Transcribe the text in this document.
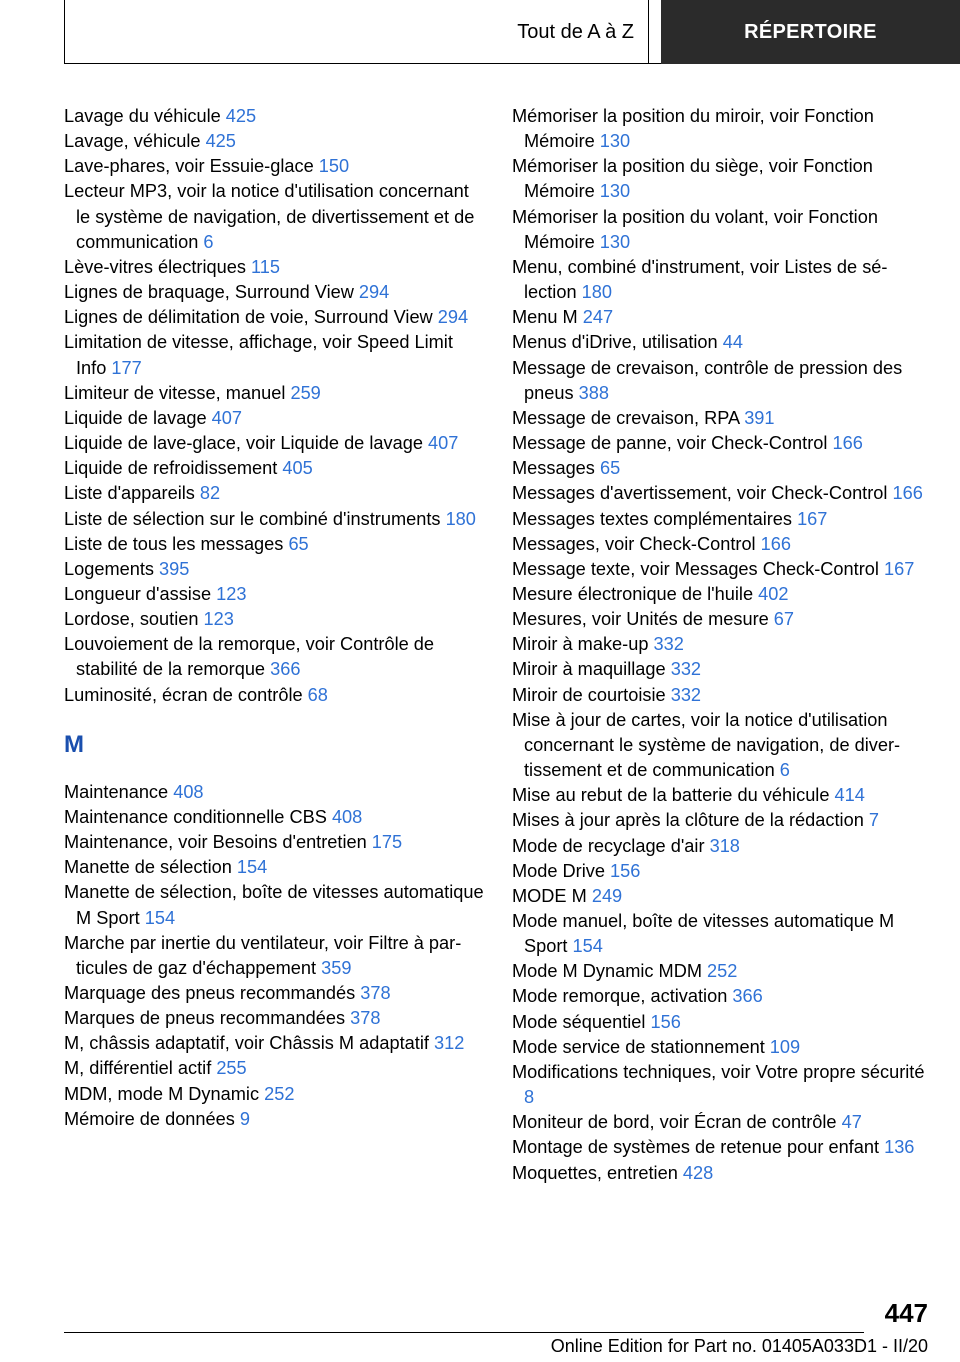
Tout de A à Z	RÉPERTOIRE
Lavage du véhicule 425
Lavage, véhicule 425
Lave-phares, voir Essuie-glace 150
Lecteur MP3, voir la notice d'utilisation concernant le système de navigation, de divertissement et de communication 6
Lève-vitres électriques 115
Lignes de braquage, Surround View 294
Lignes de délimitation de voie, Surround View 294
Limitation de vitesse, affichage, voir Speed Limit Info 177
Limiteur de vitesse, manuel 259
Liquide de lavage 407
Liquide de lave-glace, voir Liquide de lavage 407
Liquide de refroidissement 405
Liste d'appareils 82
Liste de sélection sur le combiné d'instruments 180
Liste de tous les messages 65
Logements 395
Longueur d'assise 123
Lordose, soutien 123
Louvoiement de la remorque, voir Contrôle de stabilité de la remorque 366
Luminosité, écran de contrôle 68
M
Maintenance 408
Maintenance conditionnelle CBS 408
Maintenance, voir Besoins d'entretien 175
Manette de sélection 154
Manette de sélection, boîte de vitesses automatique M Sport 154
Marche par inertie du ventilateur, voir Filtre à particules de gaz d'échappement 359
Marquage des pneus recommandés 378
Marques de pneus recommandées 378
M, châssis adaptatif, voir Châssis M adaptatif 312
M, différentiel actif 255
MDM, mode M Dynamic 252
Mémoire de données 9
Mémoriser la position du miroir, voir Fonction Mémoire 130
Mémoriser la position du siège, voir Fonction Mémoire 130
Mémoriser la position du volant, voir Fonction Mémoire 130
Menu, combiné d'instrument, voir Listes de sélection 180
Menu M 247
Menus d'iDrive, utilisation 44
Message de crevaison, contrôle de pression des pneus 388
Message de crevaison, RPA 391
Message de panne, voir Check-Control 166
Messages 65
Messages d'avertissement, voir Check-Control 166
Messages textes complémentaires 167
Messages, voir Check-Control 166
Message texte, voir Messages Check-Control 167
Mesure électronique de l'huile 402
Mesures, voir Unités de mesure 67
Miroir à make-up 332
Miroir à maquillage 332
Miroir de courtoisie 332
Mise à jour de cartes, voir la notice d'utilisation concernant le système de navigation, de divertissement et de communication 6
Mise au rebut de la batterie du véhicule 414
Mises à jour après la clôture de la rédaction 7
Mode de recyclage d'air 318
Mode Drive 156
MODE M 249
Mode manuel, boîte de vitesses automatique M Sport 154
Mode M Dynamic MDM 252
Mode remorque, activation 366
Mode séquentiel 156
Mode service de stationnement 109
Modifications techniques, voir Votre propre sécurité 8
Moniteur de bord, voir Écran de contrôle 47
Montage de systèmes de retenue pour enfant 136
Moquettes, entretien 428
447
Online Edition for Part no. 01405A033D1 - II/20
